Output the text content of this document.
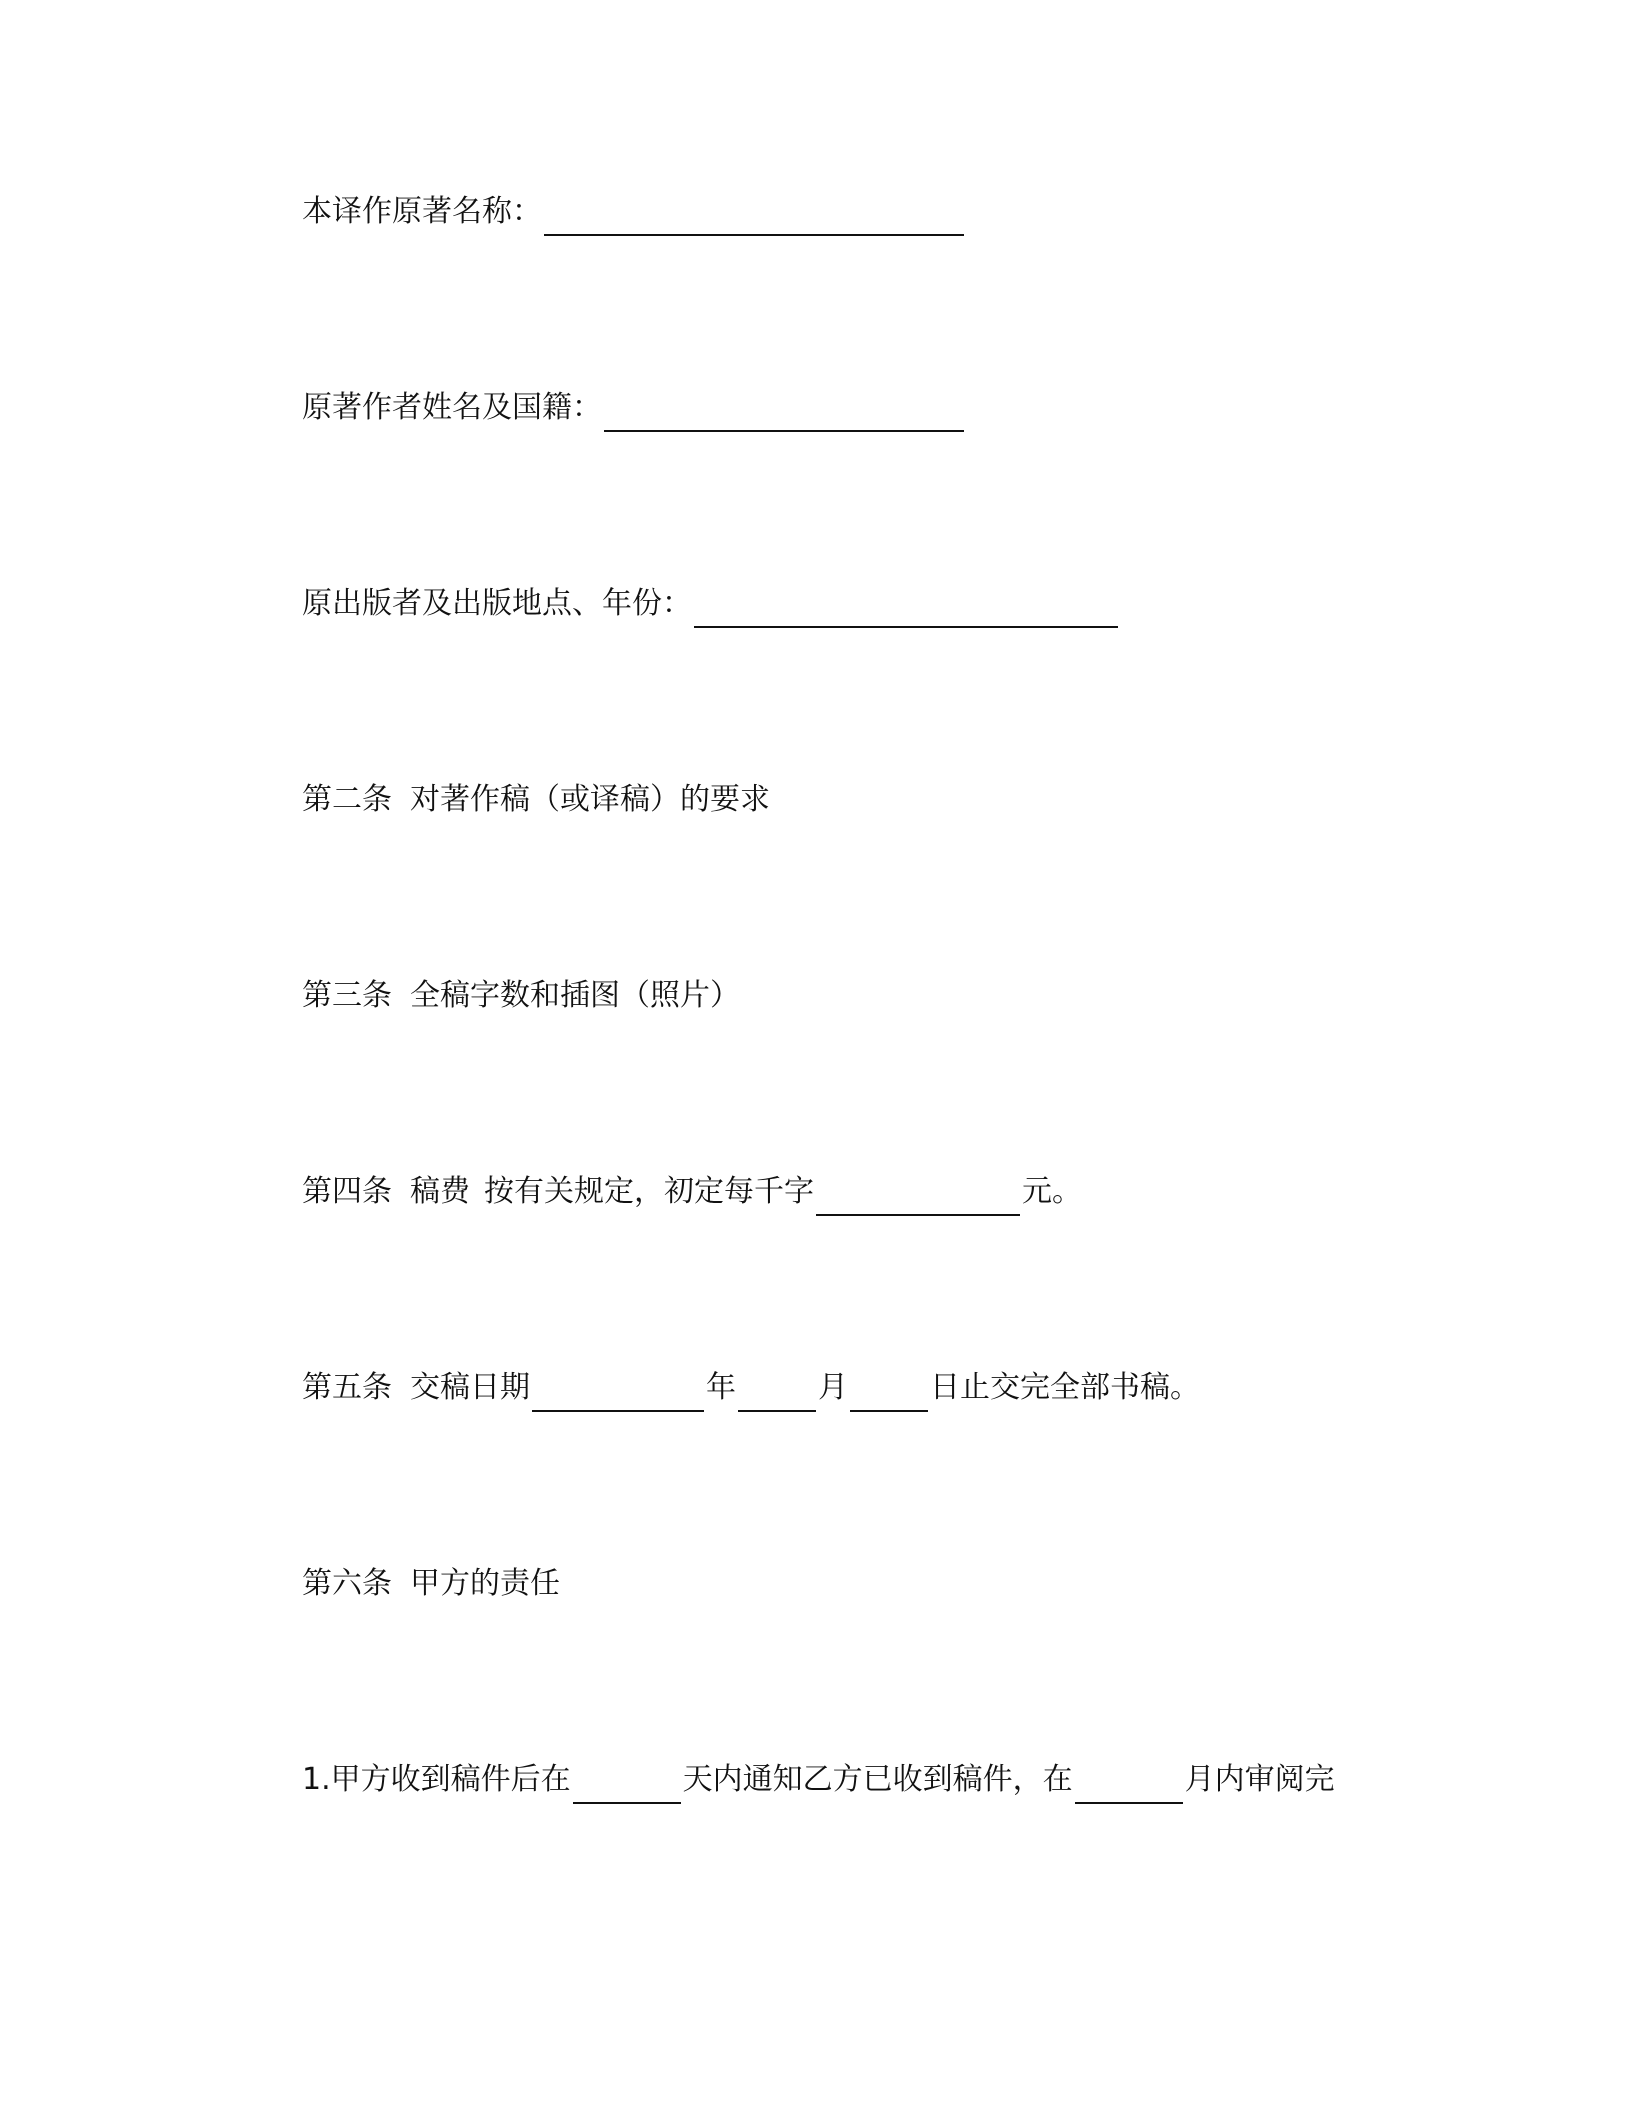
本译作原著名称：
原著作者姓名及国籍：
原出版者及出版地点、年份：
第二条 对著作稿（或译稿）的要求
第三条 全稿字数和插图（照片）
第四条 稿费 按有关规定，初定每千字	元。
第五条 交稿日期	年	月	日止交完全部书稿。
第六条 甲方的责任
1.甲方收到稿件后在	天内通知乙方已收到稿件，在	月内审阅完
